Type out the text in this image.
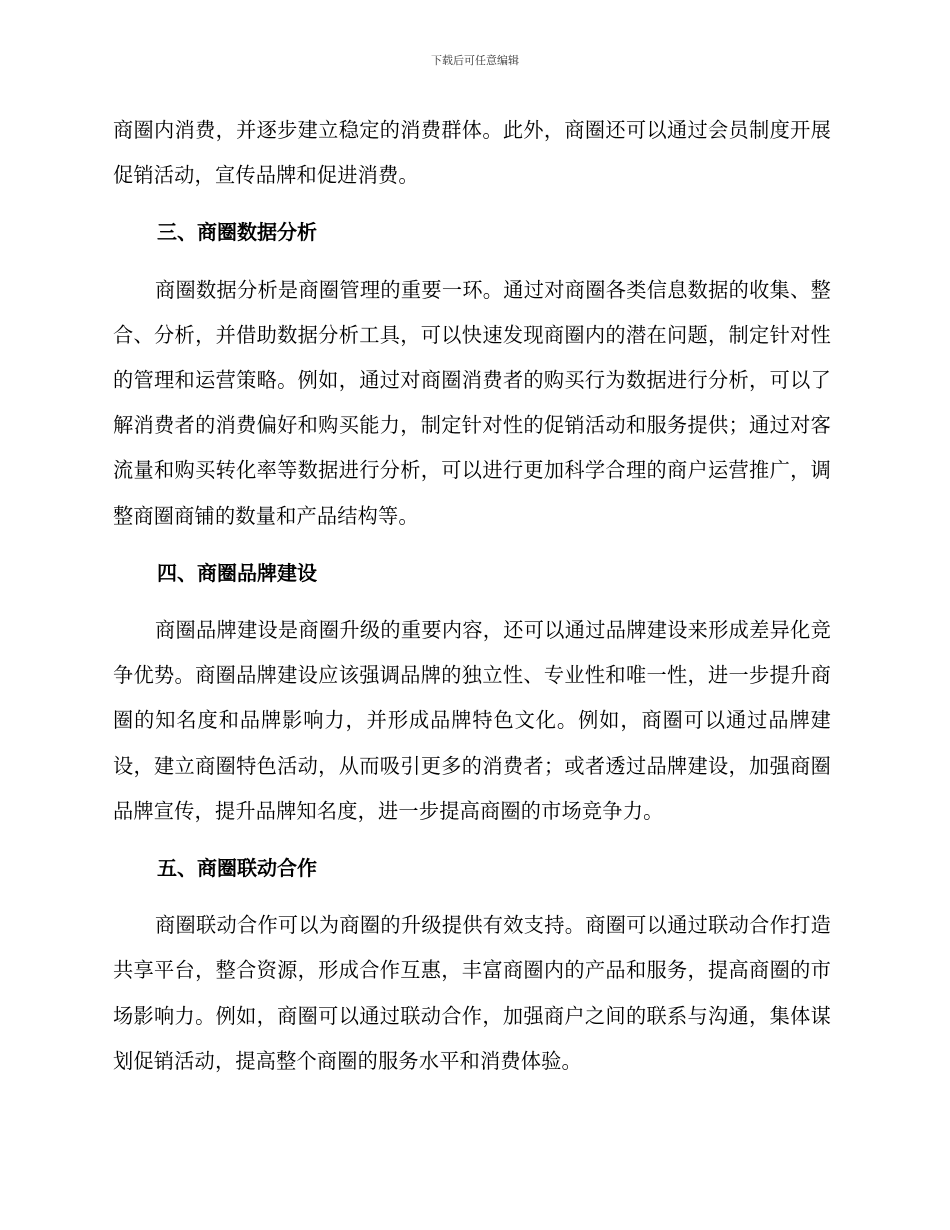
下载后可任意编辑

商圈内消费，并逐步建立稳定的消费群体。此外，商圈还可以通过会员制度开展促销活动，宣传品牌和促进消费。

三、商圈数据分析

商圈数据分析是商圈管理的重要一环。通过对商圈各类信息数据的收集、整合、分析，并借助数据分析工具，可以快速发现商圈内的潜在问题，制定针对性的管理和运营策略。例如，通过对商圈消费者的购买行为数据进行分析，可以了解消费者的消费偏好和购买能力，制定针对性的促销活动和服务提供；通过对客流量和购买转化率等数据进行分析，可以进行更加科学合理的商户运营推广，调整商圈商铺的数量和产品结构等。

四、商圈品牌建设

商圈品牌建设是商圈升级的重要内容，还可以通过品牌建设来形成差异化竞争优势。商圈品牌建设应该强调品牌的独立性、专业性和唯一性，进一步提升商圈的知名度和品牌影响力，并形成品牌特色文化。例如，商圈可以通过品牌建设，建立商圈特色活动，从而吸引更多的消费者；或者透过品牌建设，加强商圈品牌宣传，提升品牌知名度，进一步提高商圈的市场竞争力。

五、商圈联动合作

商圈联动合作可以为商圈的升级提供有效支持。商圈可以通过联动合作打造共享平台，整合资源，形成合作互惠，丰富商圈内的产品和服务，提高商圈的市场影响力。例如，商圈可以通过联动合作，加强商户之间的联系与沟通，集体谋划促销活动，提高整个商圈的服务水平和消费体验。
